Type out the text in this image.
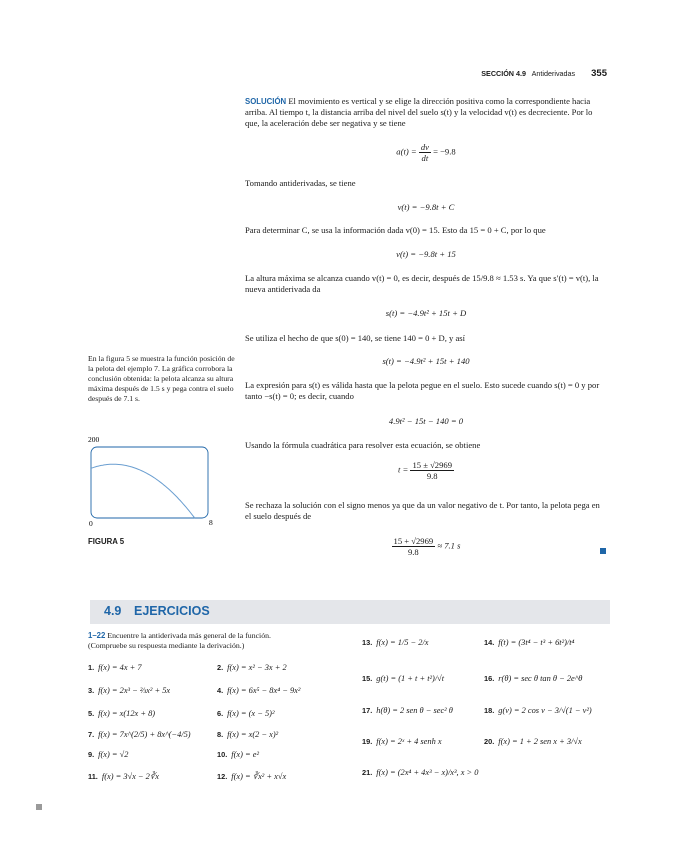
SECCIÓN 4.9 Antiderivadas 355
SOLUCIÓN El movimiento es vertical y se elige la dirección positiva como la correspondiente hacia arriba. Al tiempo t, la distancia arriba del nivel del suelo s(t) y la velocidad v(t) es decreciente. Por lo que, la aceleración debe ser negativa y se tiene
$a(t) = \frac{dv}{dt} = -9.8$
Tomando antiderivadas, se tiene
v(t) = −9.8t + C
Para determinar C, se usa la información dada v(0) = 15. Esto da 15 = 0 + C, por lo que
v(t) = −9.8t + 15
La altura máxima se alcanza cuando v(t) = 0, es decir, después de 15/9.8 ≈ 1.53 s. Ya que s′(t) = v(t), la nueva antiderivada da
s(t) = −4.9t² + 15t + D
Se utiliza el hecho de que s(0) = 140, se tiene 140 = 0 + D, y así
s(t) = −4.9t² + 15t + 140
La expresión para s(t) es válida hasta que la pelota pegue en el suelo. Esto sucede cuando s(t) = 0 y por tanto −s(t) = 0; es decir, cuando
4.9t² − 15t − 140 = 0
Usando la fórmula cuadrática para resolver esta ecuación, se obtiene
$t = \frac{15 \pm √2969}{9.8}$
Se rechaza la solución con el signo menos ya que da un valor negativo de t. Por tanto, la pelota pega en el suelo después de
$\frac{15 + √2969}{9.8} \approx 7.1$ s
En la figura 5 se muestra la función posición de la pelota del ejemplo 7. La gráfica corrobora la conclusión obtenida: la pelota alcanza su altura máxima después de 1.5 s y pega contra el suelo después de 7.1 s.
200
0	8
FIGURA 5
4.9 EJERCICIOS
1–22 Encuentre la antiderivada más general de la función.
(Compruebe su respuesta mediante la derivación.)
1. f(x) = 4x + 7	2. f(x) = x² − 3x + 2
3. f(x) = 2x³ − ⅔x² + 5x	4. f(x) = 6x⁵ − 8x⁴ − 9x²
5. f(x) = x(12x + 8)	6. f(x) = (x − 5)²
7. f(x) = 7x^(2/5) + 8x^(−4/5)	8. f(x) = x(2 − x)²
9. f(x) = √2	10. f(x) = e²
11. f(x) = 3√x − 2∛x	12. f(x) = ∛x² + x√x
13. f(x) = 1/5 − 2/x	14. f(t) = (3t⁴ − t³ + 6t²)/t⁴
15. g(t) = (1 + t + t²)/√t	16. r(θ) = sec θ tan θ − 2e^θ
17. h(θ) = 2 sen θ − sec² θ	18. g(v) = 2 cos v − 3/√(1 − v²)
19. f(x) = 2ˣ + 4 senh x	20. f(x) = 1 + 2 sen x + 3/√x
21. f(x) = (2x⁴ + 4x³ − x)/x³, x > 0
